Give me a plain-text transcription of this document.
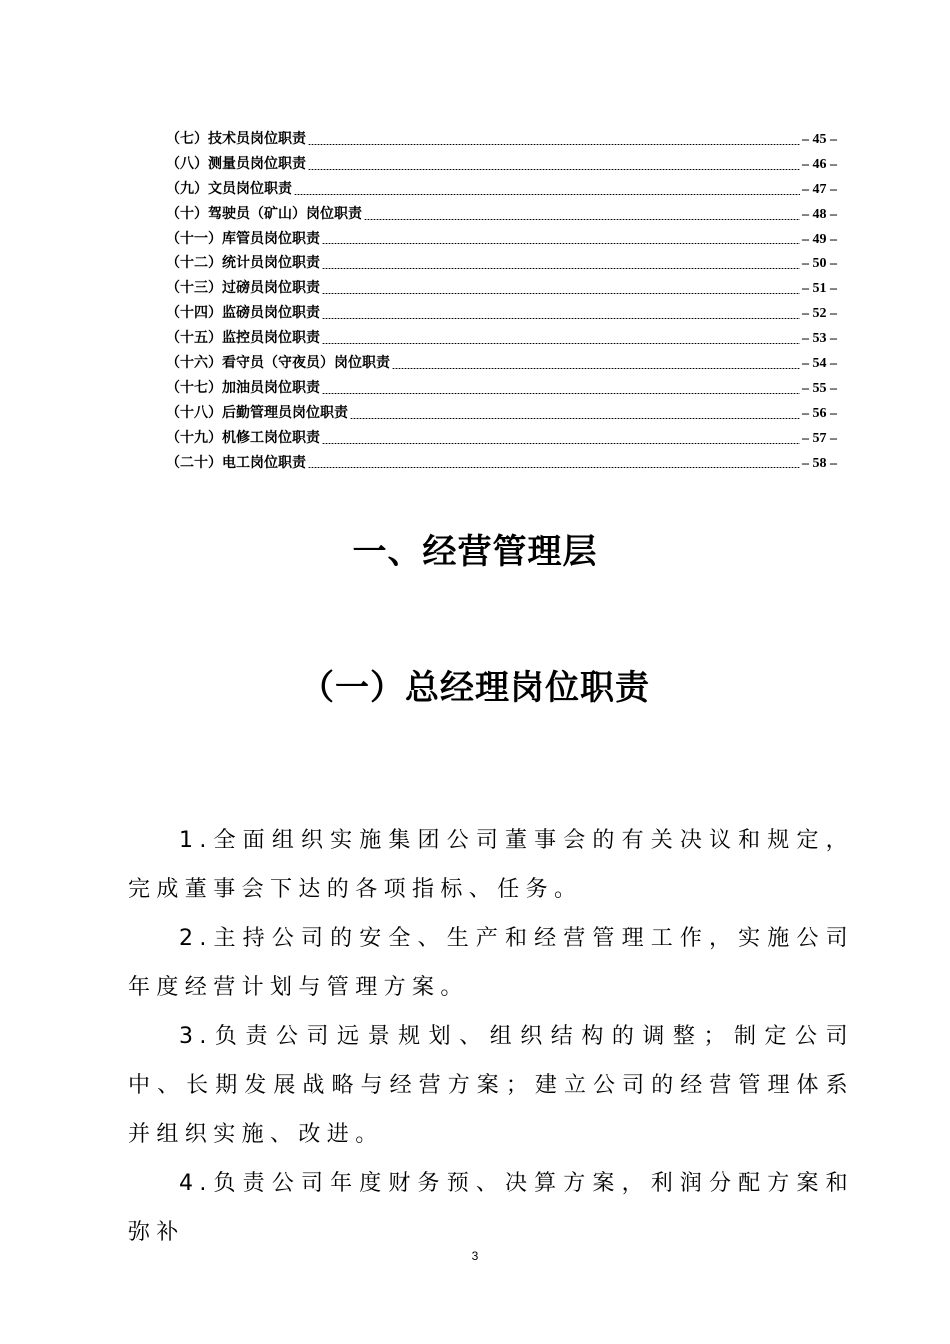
（七）技术员岗位职责	– 45 –
（八）测量员岗位职责	– 46 –
（九）文员岗位职责	– 47 –
（十）驾驶员（矿山）岗位职责	– 48 –
（十一）库管员岗位职责	– 49 –
（十二）统计员岗位职责	– 50 –
（十三）过磅员岗位职责	– 51 –
（十四）监磅员岗位职责	– 52 –
（十五）监控员岗位职责	– 53 –
（十六）看守员（守夜员）岗位职责	– 54 –
（十七）加油员岗位职责	– 55 –
（十八）后勤管理员岗位职责	– 56 –
（十九）机修工岗位职责	– 57 –
（二十）电工岗位职责	– 58 –
一、经营管理层
（一）总经理岗位职责

1.全面组织实施集团公司董事会的有关决议和规定，完成董事会下达的各项指标、任务。

2.主持公司的安全、生产和经营管理工作，实施公司年度经营计划与管理方案。

3.负责公司远景规划、组织结构的调整；制定公司中、长期发展战略与经营方案；建立公司的经营管理体系并组织实施、改进。

4.负责公司年度财务预、决算方案，利润分配方案和弥补

3
